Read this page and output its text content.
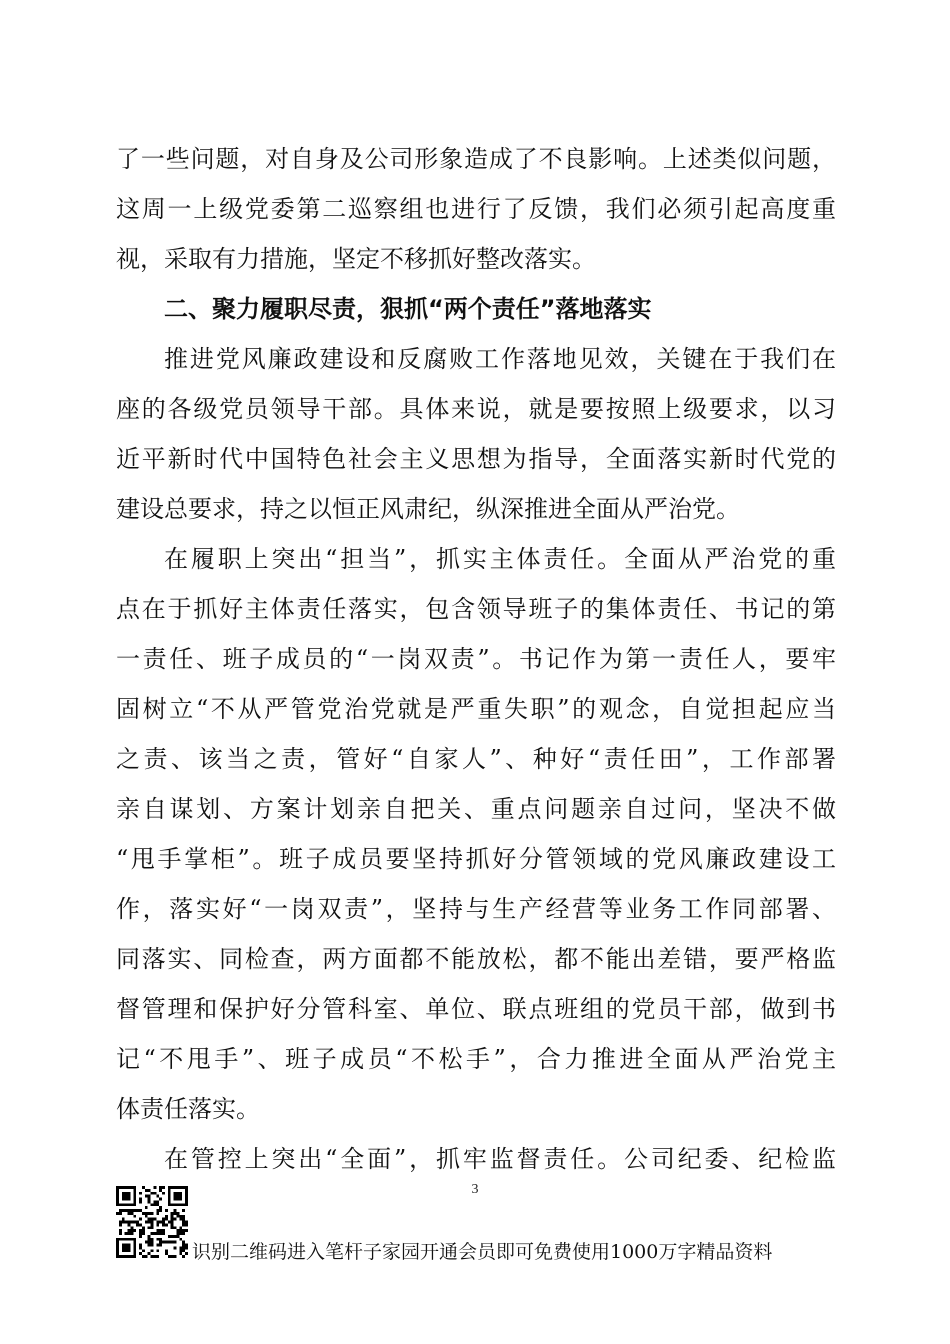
了一些问题，对自身及公司形象造成了不良影响。上述类似问题，
这周一上级党委第二巡察组也进行了反馈，我们必须引起高度重
视，采取有力措施，坚定不移抓好整改落实。
二、聚力履职尽责，狠抓“两个责任”落地落实
推进党风廉政建设和反腐败工作落地见效，关键在于我们在
座的各级党员领导干部。具体来说，就是要按照上级要求，以习
近平新时代中国特色社会主义思想为指导，全面落实新时代党的
建设总要求，持之以恒正风肃纪，纵深推进全面从严治党。
在履职上突出“担当”，抓实主体责任。全面从严治党的重
点在于抓好主体责任落实，包含领导班子的集体责任、书记的第
一责任、班子成员的“一岗双责”。书记作为第一责任人，要牢
固树立“不从严管党治党就是严重失职”的观念，自觉担起应当
之责、该当之责，管好“自家人”、种好“责任田”，工作部署
亲自谋划、方案计划亲自把关、重点问题亲自过问，坚决不做
“甩手掌柜”。班子成员要坚持抓好分管领域的党风廉政建设工
作，落实好“一岗双责”，坚持与生产经营等业务工作同部署、
同落实、同检查，两方面都不能放松，都不能出差错，要严格监
督管理和保护好分管科室、单位、联点班组的党员干部，做到书
记“不甩手”、班子成员“不松手”，合力推进全面从严治党主
体责任落实。
在管控上突出“全面”，抓牢监督责任。公司纪委、纪检监
3
识别二维码进入笔杆子家园开通会员即可免费使用1000万字精品资料
